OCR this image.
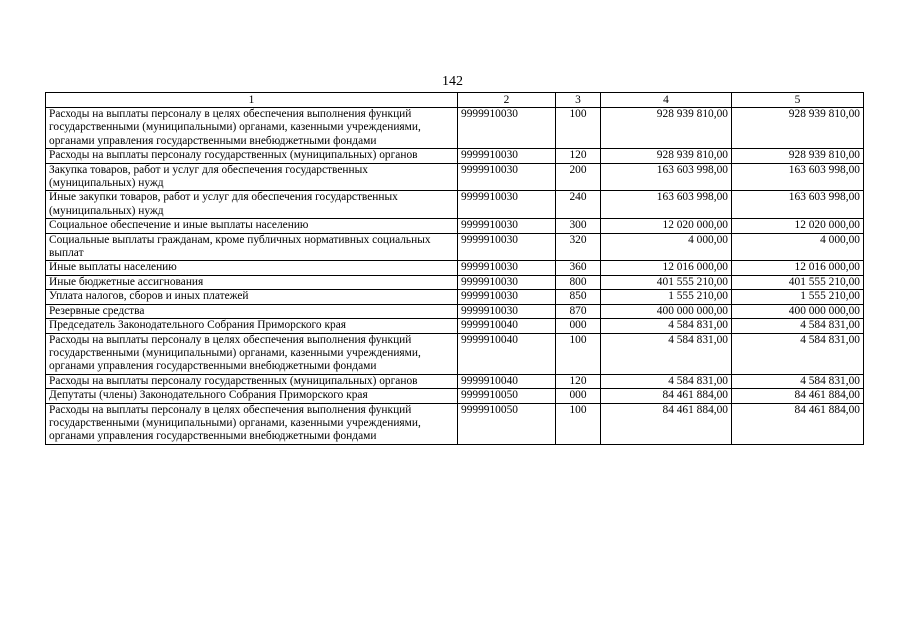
142
1	2	3	4	5
Расходы на выплаты персоналу в целях обеспечения выполнения функций государственными (муниципальными) органами, казенными учреждениями, органами управления государственными внебюджетными фондами	9999910030	100	928 939 810,00	928 939 810,00
Расходы на выплаты персоналу государственных (муниципальных) органов	9999910030	120	928 939 810,00	928 939 810,00
Закупка товаров, работ и услуг для обеспечения государственных (муниципальных) нужд	9999910030	200	163 603 998,00	163 603 998,00
Иные закупки товаров, работ и услуг для обеспечения государственных (муниципальных) нужд	9999910030	240	163 603 998,00	163 603 998,00
Социальное обеспечение и иные выплаты населению	9999910030	300	12 020 000,00	12 020 000,00
Социальные выплаты гражданам, кроме публичных нормативных социальных выплат	9999910030	320	4 000,00	4 000,00
Иные выплаты населению	9999910030	360	12 016 000,00	12 016 000,00
Иные бюджетные ассигнования	9999910030	800	401 555 210,00	401 555 210,00
Уплата налогов, сборов и иных платежей	9999910030	850	1 555 210,00	1 555 210,00
Резервные средства	9999910030	870	400 000 000,00	400 000 000,00
Председатель Законодательного Собрания Приморского края	9999910040	000	4 584 831,00	4 584 831,00
Расходы на выплаты персоналу в целях обеспечения выполнения функций государственными (муниципальными) органами, казенными учреждениями, органами управления государственными внебюджетными фондами	9999910040	100	4 584 831,00	4 584 831,00
Расходы на выплаты персоналу государственных (муниципальных) органов	9999910040	120	4 584 831,00	4 584 831,00
Депутаты (члены) Законодательного Собрания Приморского края	9999910050	000	84 461 884,00	84 461 884,00
Расходы на выплаты персоналу в целях обеспечения выполнения функций государственными (муниципальными) органами, казенными учреждениями, органами управления государственными внебюджетными фондами	9999910050	100	84 461 884,00	84 461 884,00
